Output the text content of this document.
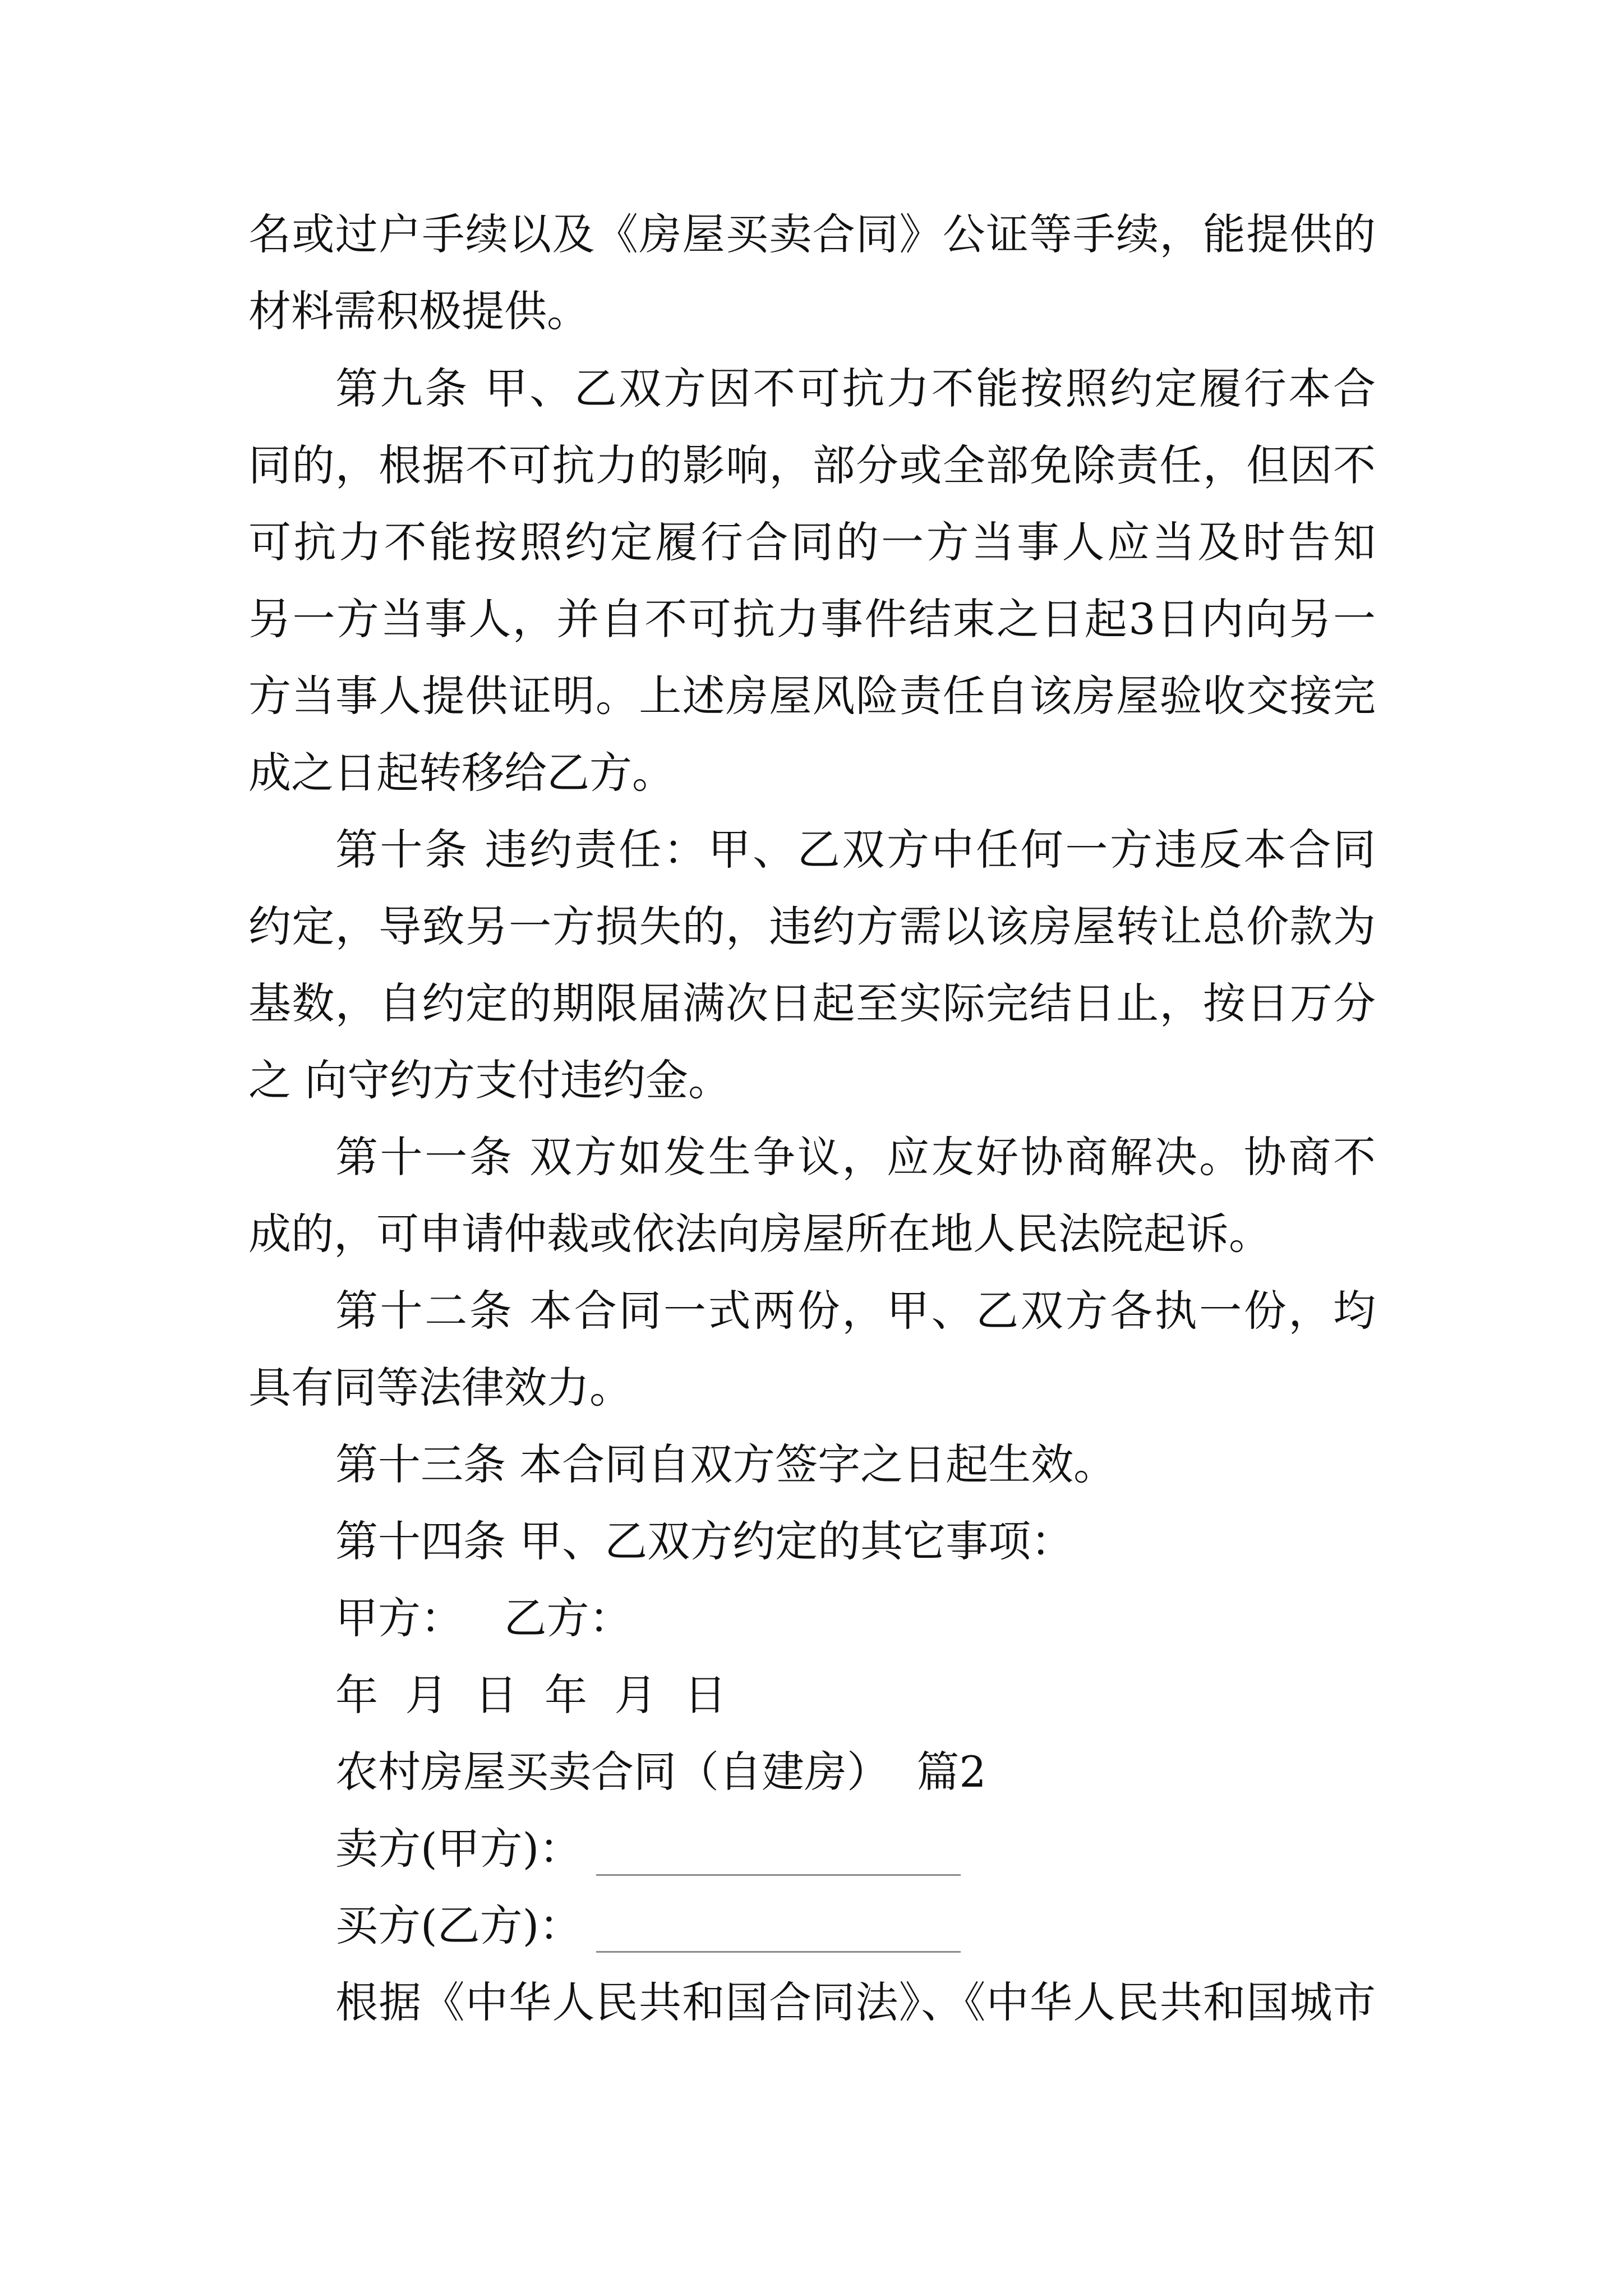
名或过户手续以及《房屋买卖合同》公证等手续，能提供的
材料需积极提供。
第九条 甲、乙双方因不可抗力不能按照约定履行本合
同的，根据不可抗力的影响，部分或全部免除责任，但因不
可抗力不能按照约定履行合同的一方当事人应当及时告知
另一方当事人，并自不可抗力事件结束之日起3日内向另一
方当事人提供证明。上述房屋风险责任自该房屋验收交接完
成之日起转移给乙方。
第十条 违约责任：甲、乙双方中任何一方违反本合同
约定，导致另一方损失的，违约方需以该房屋转让总价款为
基数，自约定的期限届满次日起至实际完结日止，按日万分
之 向守约方支付违约金。
第十一条 双方如发生争议，应友好协商解决。协商不
成的，可申请仲裁或依法向房屋所在地人民法院起诉。
第十二条 本合同一式两份，甲、乙双方各执一份，均
具有同等法律效力。
第十三条 本合同自双方签字之日起生效。
第十四条 甲、乙双方约定的其它事项：
甲方：   乙方：
年  月  日  年  月  日
农村房屋买卖合同（自建房）  篇2
卖方(甲方)：
买方(乙方)：
根据《中华人民共和国合同法》、《中华人民共和国城市
